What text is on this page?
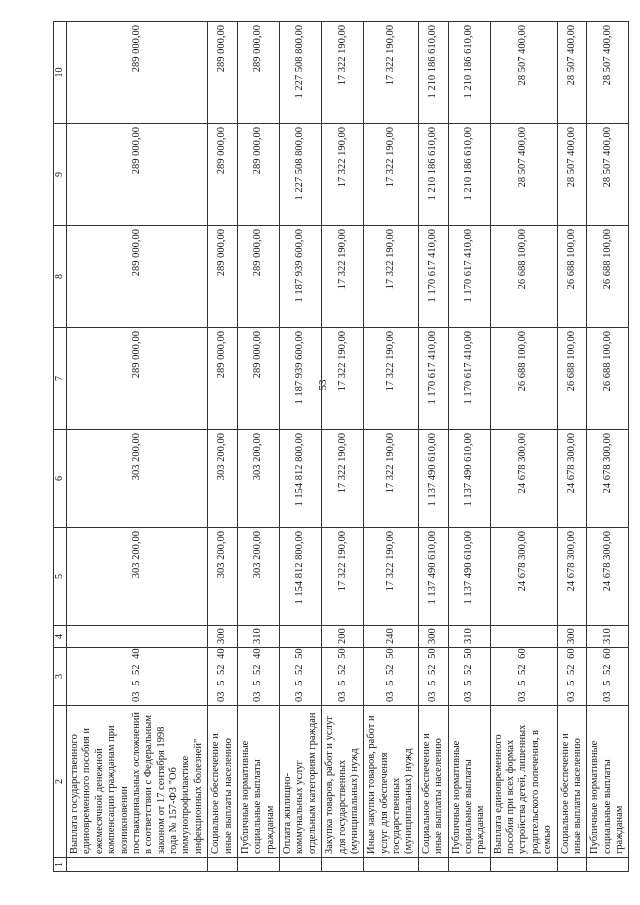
53
1	2	3	4	5	6	7	8	9	10
	Выплата государственного единовременного пособия и ежемесячной денежной компенсации гражданам при возникновении поствакцинальных осложнений в соответствии с Федеральным законом от 17 сентября 1998 года № 157-ФЗ "Об иммунопрофилактике инфекционных болезней"	03 5 52 40		303 200,00	303 200,00	289 000,00	289 000,00	289 000,00	289 000,00
	Социальное обеспечение и иные выплаты населению	03 5 52 40	300	303 200,00	303 200,00	289 000,00	289 000,00	289 000,00	289 000,00
	Публичные нормативные социальные выплаты гражданам	03 5 52 40	310	303 200,00	303 200,00	289 000,00	289 000,00	289 000,00	289 000,00
	Оплата жилищно-коммунальных услуг отдельным категориям граждан	03 5 52 50		1 154 812 800,00	1 154 812 800,00	1 187 939 600,00	1 187 939 600,00	1 227 508 800,00	1 227 508 800,00
	Закупка товаров, работ и услуг для государственных (муниципальных) нужд	03 5 52 50	200	17 322 190,00	17 322 190,00	17 322 190,00	17 322 190,00	17 322 190,00	17 322 190,00
	Иные закупки товаров, работ и услуг для обеспечения государственных (муниципальных) нужд	03 5 52 50	240	17 322 190,00	17 322 190,00	17 322 190,00	17 322 190,00	17 322 190,00	17 322 190,00
	Социальное обеспечение и иные выплаты населению	03 5 52 50	300	1 137 490 610,00	1 137 490 610,00	1 170 617 410,00	1 170 617 410,00	1 210 186 610,00	1 210 186 610,00
	Публичные нормативные социальные выплаты гражданам	03 5 52 50	310	1 137 490 610,00	1 137 490 610,00	1 170 617 410,00	1 170 617 410,00	1 210 186 610,00	1 210 186 610,00
	Выплата единовременного пособия при всех формах устройства детей, лишенных родительского попечения, в семью	03 5 52 60		24 678 300,00	24 678 300,00	26 688 100,00	26 688 100,00	28 507 400,00	28 507 400,00
	Социальное обеспечение и иные выплаты населению	03 5 52 60	300	24 678 300,00	24 678 300,00	26 688 100,00	26 688 100,00	28 507 400,00	28 507 400,00
	Публичные нормативные социальные выплаты гражданам	03 5 52 60	310	24 678 300,00	24 678 300,00	26 688 100,00	26 688 100,00	28 507 400,00	28 507 400,00
